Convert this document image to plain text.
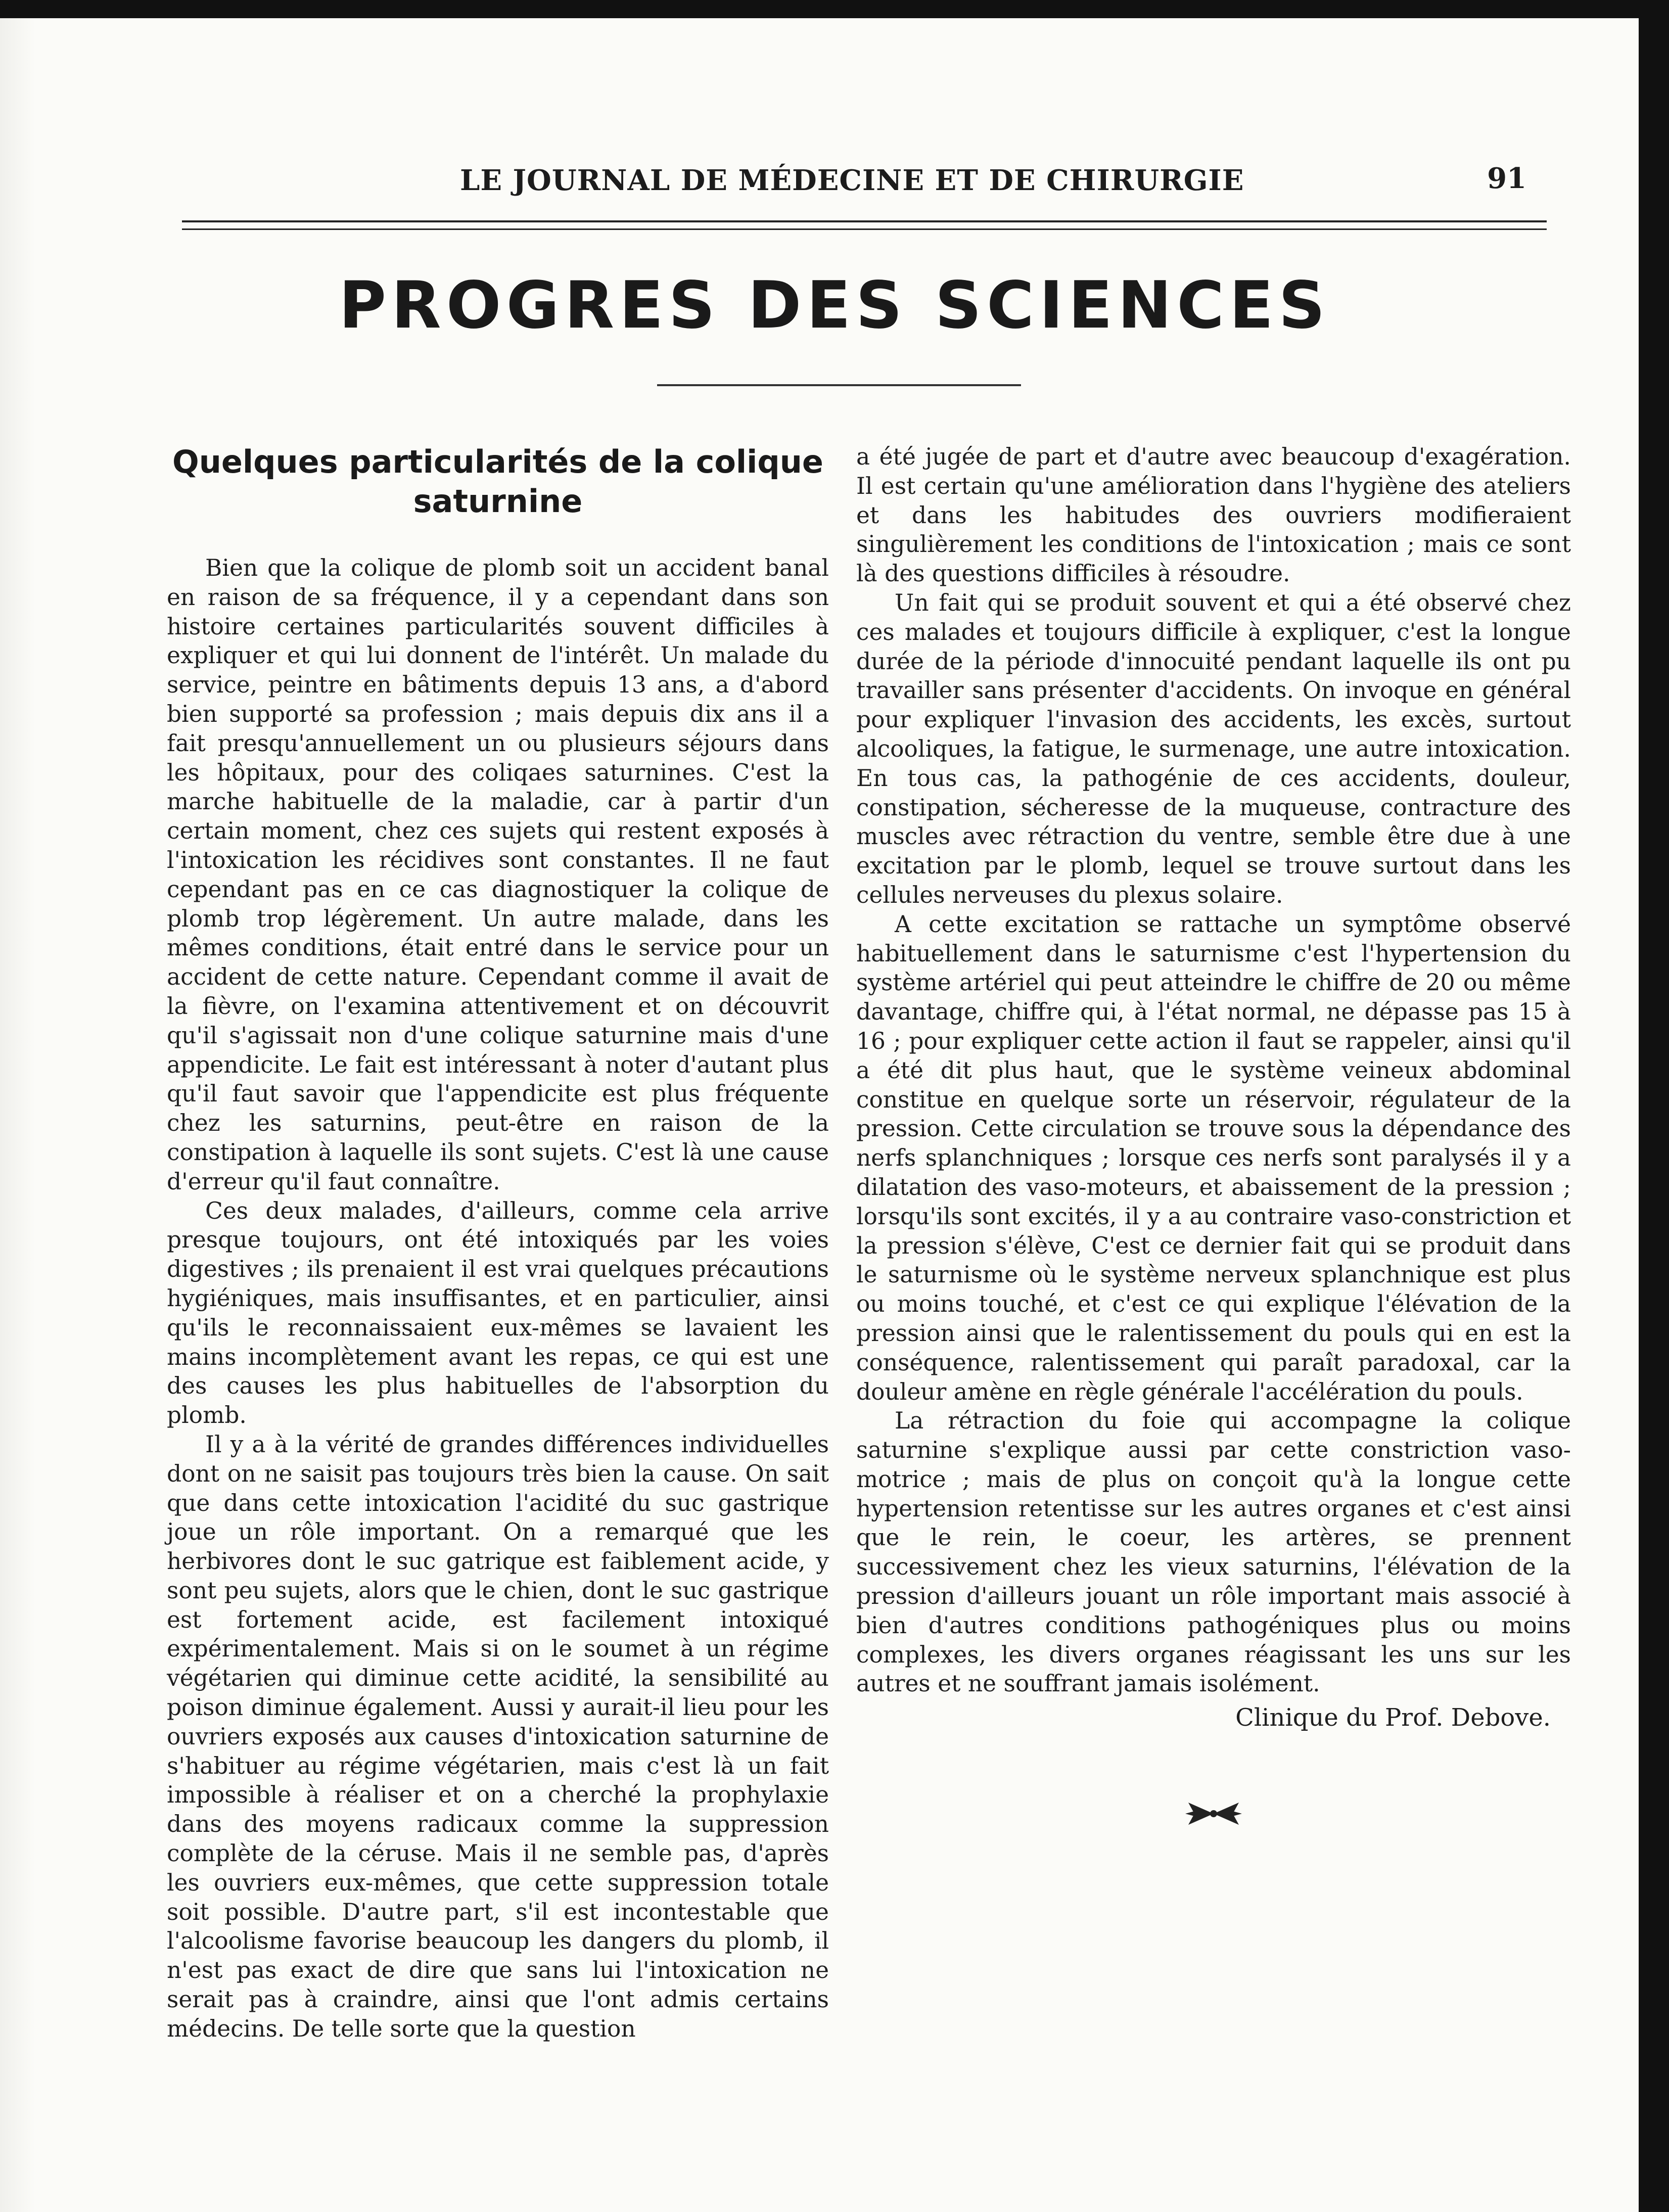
LE JOURNAL DE MÉDECINE ET DE CHIRURGIE	91
PROGRES DES SCIENCES
Quelques particularités de la colique saturnine

Bien que la colique de plomb soit un accident banal en raison de sa fréquence, il y a cependant dans son histoire certaines particularités souvent difficiles à expliquer et qui lui donnent de l'intérêt. Un malade du service, peintre en bâtiments depuis 13 ans, a d'abord bien supporté sa profession ; mais depuis dix ans il a fait presqu'annuellement un ou plusieurs séjours dans les hôpitaux, pour des coliqaes saturnines. C'est la marche habituelle de la maladie, car à partir d'un certain moment, chez ces sujets qui restent exposés à l'intoxication les récidives sont constantes. Il ne faut cependant pas en ce cas diagnostiquer la colique de plomb trop légèrement. Un autre malade, dans les mêmes conditions, était entré dans le service pour un accident de cette nature. Cependant comme il avait de la fièvre, on l'examina attentivement et on découvrit qu'il s'agissait non d'une colique saturnine mais d'une appendicite. Le fait est intéressant à noter d'autant plus qu'il faut savoir que l'appendicite est plus fréquente chez les saturnins, peut-être en raison de la constipation à laquelle ils sont sujets. C'est là une cause d'erreur qu'il faut connaître.

Ces deux malades, d'ailleurs, comme cela arrive presque toujours, ont été intoxiqués par les voies digestives ; ils prenaient il est vrai quelques précautions hygiéniques, mais insuffisantes, et en particulier, ainsi qu'ils le reconnaissaient eux-mêmes se lavaient les mains incomplètement avant les repas, ce qui est une des causes les plus habituelles de l'absorption du plomb.

Il y a à la vérité de grandes différences individuelles dont on ne saisit pas toujours très bien la cause. On sait que dans cette intoxication l'acidité du suc gastrique joue un rôle important. On a remarqué que les herbivores dont le suc gatrique est faiblement acide, y sont peu sujets, alors que le chien, dont le suc gastrique est fortement acide, est facilement intoxiqué expérimentalement. Mais si on le soumet à un régime végétarien qui diminue cette acidité, la sensibilité au poison diminue également. Aussi y aurait-il lieu pour les ouvriers exposés aux causes d'intoxication saturnine de s'habituer au régime végétarien, mais c'est là un fait impossible à réaliser et on a cherché la prophylaxie dans des moyens radicaux comme la suppression complète de la céruse. Mais il ne semble pas, d'après les ouvriers eux-mêmes, que cette suppression totale soit possible. D'autre part, s'il est incontestable que l'alcoolisme favorise beaucoup les dangers du plomb, il n'est pas exact de dire que sans lui l'intoxication ne serait pas à craindre, ainsi que l'ont admis certains médecins. De telle sorte que la question

a été jugée de part et d'autre avec beaucoup d'exagération. Il est certain qu'une amélioration dans l'hygiène des ateliers et dans les habitudes des ouvriers modifieraient singulièrement les conditions de l'intoxication ; mais ce sont là des questions difficiles à résoudre.

Un fait qui se produit souvent et qui a été observé chez ces malades et toujours difficile à expliquer, c'est la longue durée de la période d'innocuité pendant laquelle ils ont pu travailler sans présenter d'accidents. On invoque en général pour expliquer l'invasion des accidents, les excès, surtout alcooliques, la fatigue, le surmenage, une autre intoxication. En tous cas, la pathogénie de ces accidents, douleur, constipation, sécheresse de la muqueuse, contracture des muscles avec rétraction du ventre, semble être due à une excitation par le plomb, lequel se trouve surtout dans les cellules nerveuses du plexus solaire.

A cette excitation se rattache un symptôme observé habituellement dans le saturnisme c'est l'hypertension du système artériel qui peut atteindre le chiffre de 20 ou même davantage, chiffre qui, à l'état normal, ne dépasse pas 15 à 16 ; pour expliquer cette action il faut se rappeler, ainsi qu'il a été dit plus haut, que le système veineux abdominal constitue en quelque sorte un réservoir, régulateur de la pression. Cette circulation se trouve sous la dépendance des nerfs splanchniques ; lorsque ces nerfs sont paralysés il y a dilatation des vaso-moteurs, et abaissement de la pression ; lorsqu'ils sont excités, il y a au contraire vaso-constriction et la pression s'élève, C'est ce dernier fait qui se produit dans le saturnisme où le système nerveux splanchnique est plus ou moins touché, et c'est ce qui explique l'élévation de la pression ainsi que le ralentissement du pouls qui en est la conséquence, ralentissement qui paraît paradoxal, car la douleur amène en règle générale l'accélération du pouls.

La rétraction du foie qui accompagne la colique saturnine s'explique aussi par cette constriction vaso-motrice ; mais de plus on conçoit qu'à la longue cette hypertension retentisse sur les autres organes et c'est ainsi que le rein, le coeur, les artères, se prennent successivement chez les vieux saturnins, l'élévation de la pression d'ailleurs jouant un rôle important mais associé à bien d'autres conditions pathogéniques plus ou moins complexes, les divers organes réagissant les uns sur les autres et ne souffrant jamais isolément.

Clinique du Prof. Debove.
